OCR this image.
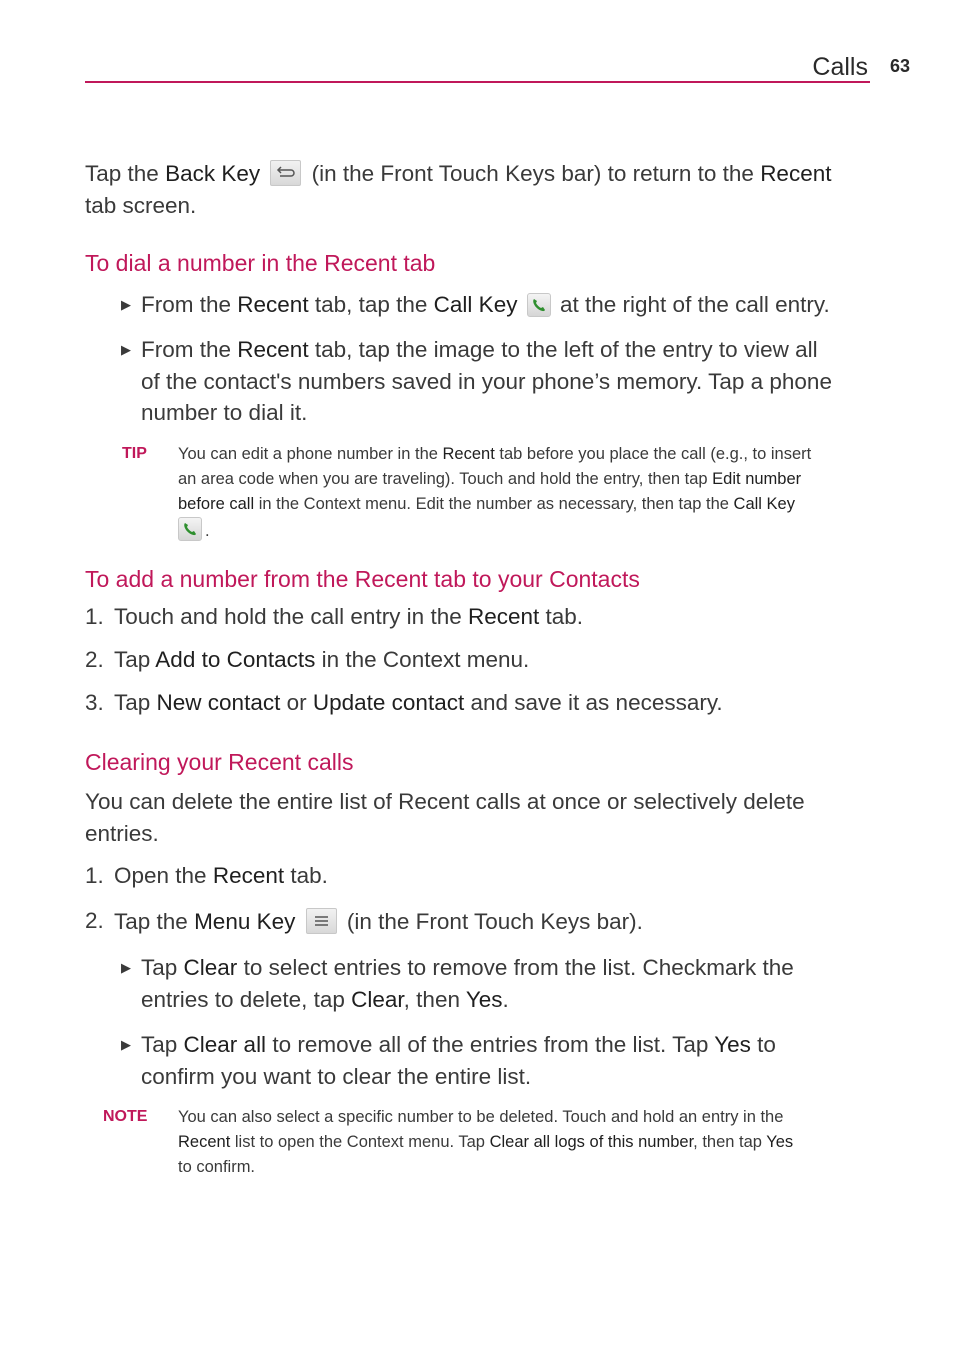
Calls 63
Tap the Back Key
(in the Front Touch Keys bar) to return to the Recent
tab screen.
To dial a number in the Recent tab
▶ From the Recent tab, tap the Call Key
at the right of the call entry.
▶ From the Recent tab, tap the image to the left of the entry to view all
of the contact's numbers saved in your phone’s memory. Tap a phone
number to dial it.
TIP You can edit a phone number in the Recent tab before you place the call (e.g., to insert
an area code when you are traveling). Touch and hold the entry, then tap Edit number
before call in the Context menu. Edit the number as necessary, then tap the Call Key

.
To add a number from the Recent tab to your Contacts
1. Touch and hold the call entry in the Recent tab.
2. Tap Add to Contacts in the Context menu.
3. Tap New contact or Update contact and save it as necessary.
Clearing your Recent calls
You can delete the entire list of Recent calls at once or selectively delete
entries.
1. Open the Recent tab.
2. Tap the Menu Key
(in the Front Touch Keys bar).
▶ Tap Clear to select entries to remove from the list. Checkmark the
entries to delete, tap Clear, then Yes.
▶ Tap Clear all to remove all of the entries from the list. Tap Yes to
confirm you want to clear the entire list.
NOTE You can also select a specific number to be deleted. Touch and hold an entry in the
Recent list to open the Context menu. Tap Clear all logs of this number, then tap Yes
to confirm.
